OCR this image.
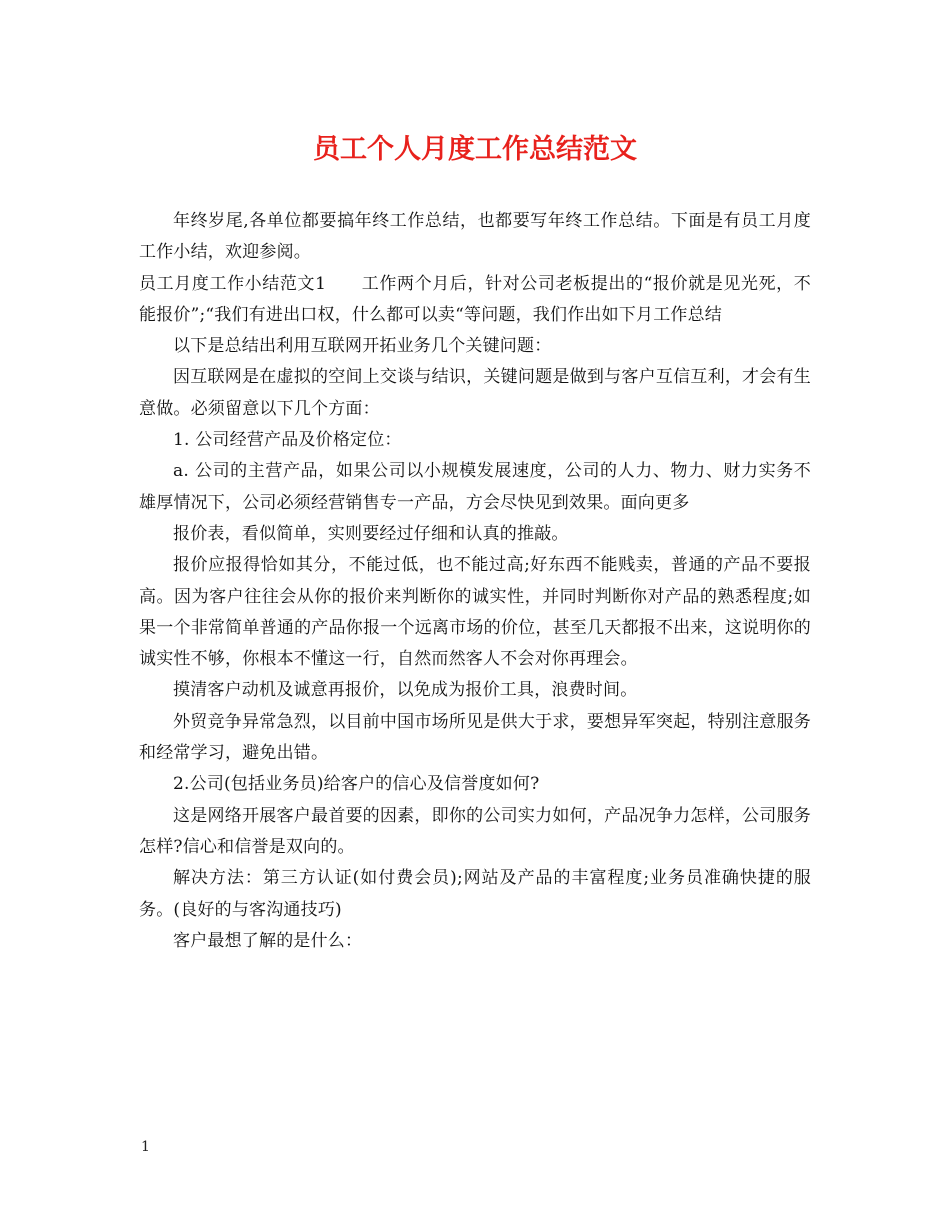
员工个人月度工作总结范文

年终岁尾,各单位都要搞年终工作总结，也都要写年终工作总结。下面是有员工月度工作小结，欢迎参阅。

员工月度工作小结范文1　　工作两个月后，针对公司老板提出的“报价就是见光死，不能报价”;“我们有进出口权，什么都可以卖“等问题，我们作出如下月工作总结

以下是总结出利用互联网开拓业务几个关键问题：

因互联网是在虚拟的空间上交谈与结识，关键问题是做到与客户互信互利，才会有生意做。必须留意以下几个方面：

1. 公司经营产品及价格定位：

a. 公司的主营产品，如果公司以小规模发展速度，公司的人力、物力、财力实务不雄厚情况下，公司必须经营销售专一产品，方会尽快见到效果。面向更多

报价表，看似简单，实则要经过仔细和认真的推敲。

报价应报得恰如其分，不能过低，也不能过高;好东西不能贱卖，普通的产品不要报高。因为客户往往会从你的报价来判断你的诚实性，并同时判断你对产品的熟悉程度;如果一个非常简单普通的产品你报一个远离市场的价位，甚至几天都报不出来，这说明你的诚实性不够，你根本不懂这一行，自然而然客人不会对你再理会。

摸清客户动机及诚意再报价，以免成为报价工具，浪费时间。

外贸竞争异常急烈，以目前中国市场所见是供大于求，要想异军突起，特别注意服务和经常学习，避免出错。

2.公司(包括业务员)给客户的信心及信誉度如何?

这是网络开展客户最首要的因素，即你的公司实力如何，产品况争力怎样，公司服务怎样?信心和信誉是双向的。

解决方法：第三方认证(如付费会员);网站及产品的丰富程度;业务员准确快捷的服务。(良好的与客沟通技巧)

客户最想了解的是什么：

1
